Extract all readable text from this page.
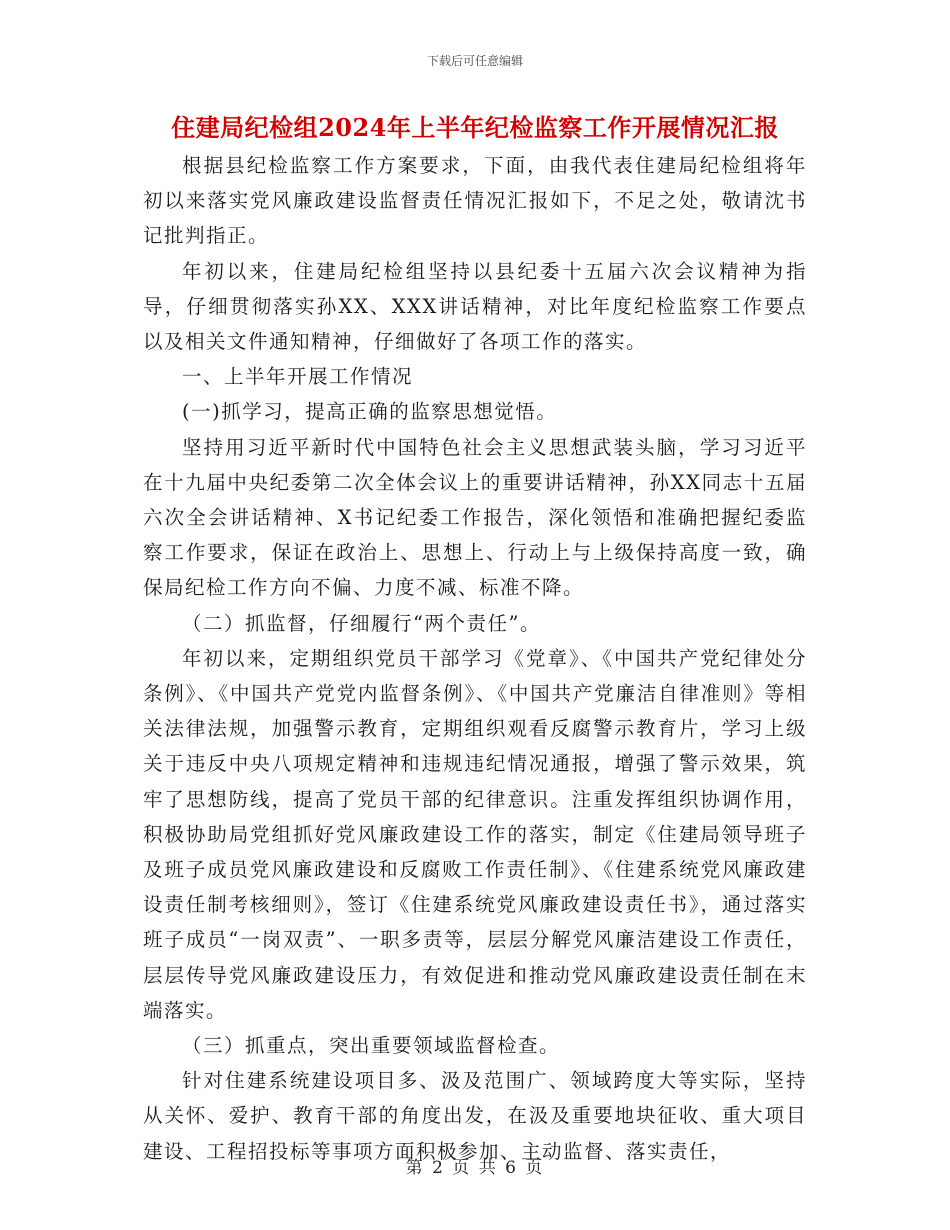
下载后可任意编辑
住建局纪检组2024年上半年纪检监察工作开展情况汇报

根据县纪检监察工作方案要求，下面，由我代表住建局纪检组将年初以来落实党风廉政建设监督责任情况汇报如下，不足之处，敬请沈书记批判指正。

年初以来，住建局纪检组坚持以县纪委十五届六次会议精神为指导，仔细贯彻落实孙XX、XXX讲话精神，对比年度纪检监察工作要点以及相关文件通知精神，仔细做好了各项工作的落实。

一、上半年开展工作情况

(一)抓学习，提高正确的监察思想觉悟。

坚持用习近平新时代中国特色社会主义思想武装头脑，学习习近平在十九届中央纪委第二次全体会议上的重要讲话精神，孙XX同志十五届六次全会讲话精神、X书记纪委工作报告，深化领悟和准确把握纪委监察工作要求，保证在政治上、思想上、行动上与上级保持高度一致，确保局纪检工作方向不偏、力度不减、标准不降。

（二）抓监督，仔细履行“两个责任”。

年初以来，定期组织党员干部学习《党章》、《中国共产党纪律处分条例》、《中国共产党党内监督条例》、《中国共产党廉洁自律准则》等相关法律法规，加强警示教育，定期组织观看反腐警示教育片，学习上级关于违反中央八项规定精神和违规违纪情况通报，增强了警示效果，筑牢了思想防线，提高了党员干部的纪律意识。注重发挥组织协调作用，积极协助局党组抓好党风廉政建设工作的落实，制定《住建局领导班子及班子成员党风廉政建设和反腐败工作责任制》、《住建系统党风廉政建设责任制考核细则》，签订《住建系统党风廉政建设责任书》，通过落实班子成员“一岗双责”、一职多责等，层层分解党风廉洁建设工作责任，层层传导党风廉政建设压力，有效促进和推动党风廉政建设责任制在末端落实。

（三）抓重点，突出重要领域监督检查。

针对住建系统建设项目多、汲及范围广、领域跨度大等实际，坚持从关怀、爱护、教育干部的角度出发，在汲及重要地块征收、重大项目建设、工程招投标等事项方面积极参加、主动监督、落实责任，

第 2 页 共 6 页
